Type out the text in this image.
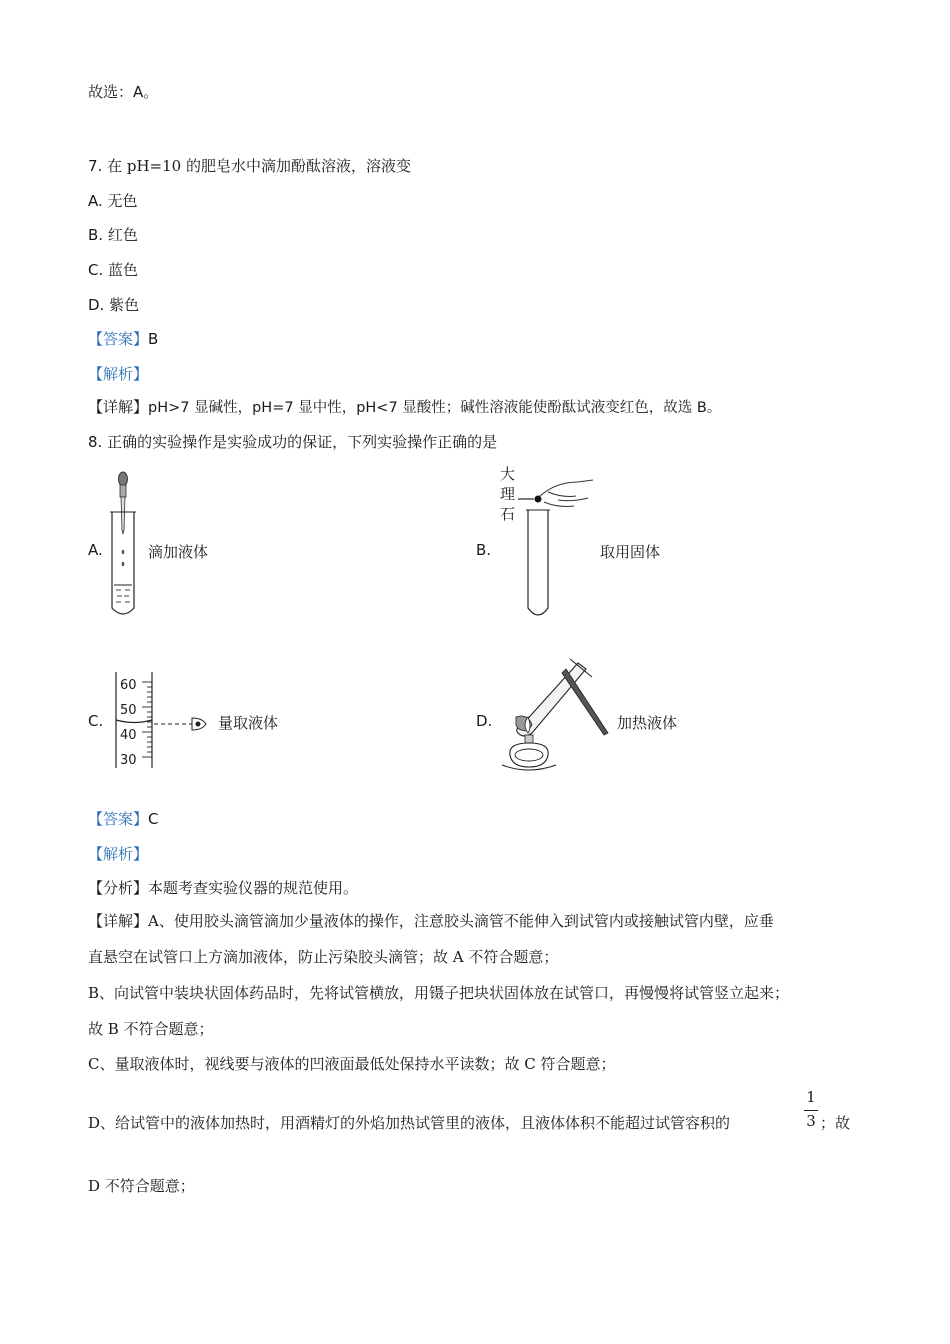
故选：A。
7. 在 pH=10 的肥皂水中滴加酚酞溶液，溶液变
A. 无色
B. 红色
C. 蓝色
D. 紫色
【答案】B
【解析】
【详解】pH>7 显碱性，pH=7 显中性，pH<7 显酸性；碱性溶液能使酚酞试液变红色，故选 B。
8. 正确的实验操作是实验成功的保证，下列实验操作正确的是
A.	滴加液体	B.
大
理
石
取用固体
C.
60
50
40
30
量取液体	D.	加热液体
【答案】C
【解析】
【分析】本题考查实验仪器的规范使用。
【详解】A、使用胶头滴管滴加少量液体的操作，注意胶头滴管不能伸入到试管内或接触试管内壁，应垂
直悬空在试管口上方滴加液体，防止污染胶头滴管；故 A 不符合题意；
B、向试管中装块状固体药品时，先将试管横放，用镊子把块状固体放在试管口，再慢慢将试管竖立起来；
故 B 不符合题意；
C、量取液体时，视线要与液体的凹液面最低处保持水平读数；故 C 符合题意；
D、给试管中的液体加热时，用酒精灯的外焰加热试管里的液体，且液体体积不能超过试管容积的
1
3 ；故
D 不符合题意；
